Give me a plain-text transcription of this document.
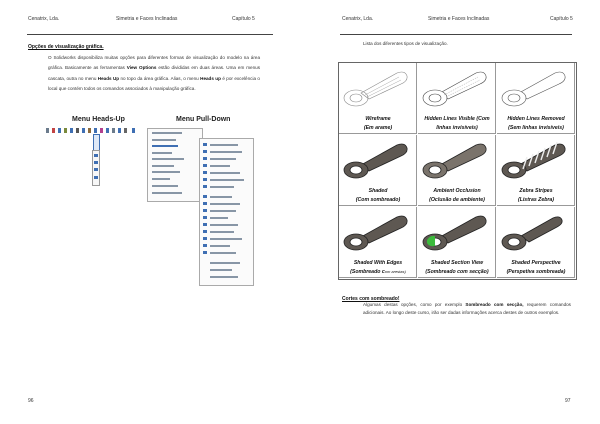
Cenatrix, Lda.	Simetria e Faces Inclinadas	Capítulo 5
Opções de visualização gráfica.
O Solidworks disponibiliza muitas opções para diferentes formas de visualização do modelo na área gráfica. Basicamente as ferramentas View Options estão divididas em duas áreas. Uma em menus cascata, outra no menu Heads Up no topo da área gráfica. Alias, o menu Heads up é por excelência o local que contém todos os comandos associados à manipulação gráfica.
Menu Heads-Up	Menu Pull-Down
96
Cenatrix, Lda.	Simetria e Faces Inclinadas	Capítulo 5
Lista dos diferentes tipos de visualização.
Wireframe
(Em arame)
Hidden Lines Visible (Com
linhas invisíveis)
Hidden Lines Removed
(Sem linhas invisíveis)
Shaded
(Com sombreado)
Ambient Occlusion
(Oclusão de ambiente)
Zebra Stripes
(Listras Zebra)
Shaded With Edges
(Sombreado com arestas)
Shaded Section View
(Sombreado com secção)
Shaded Perspective
(Perspetiva sombreada)
Cortes com sombreado!
Algumas destas opções, como por exemplo Sombreado com secção, requerem comandos adicionais. Ao longo deste curso, irão ser dadas informações acerca destes de outros exemplos.
97
